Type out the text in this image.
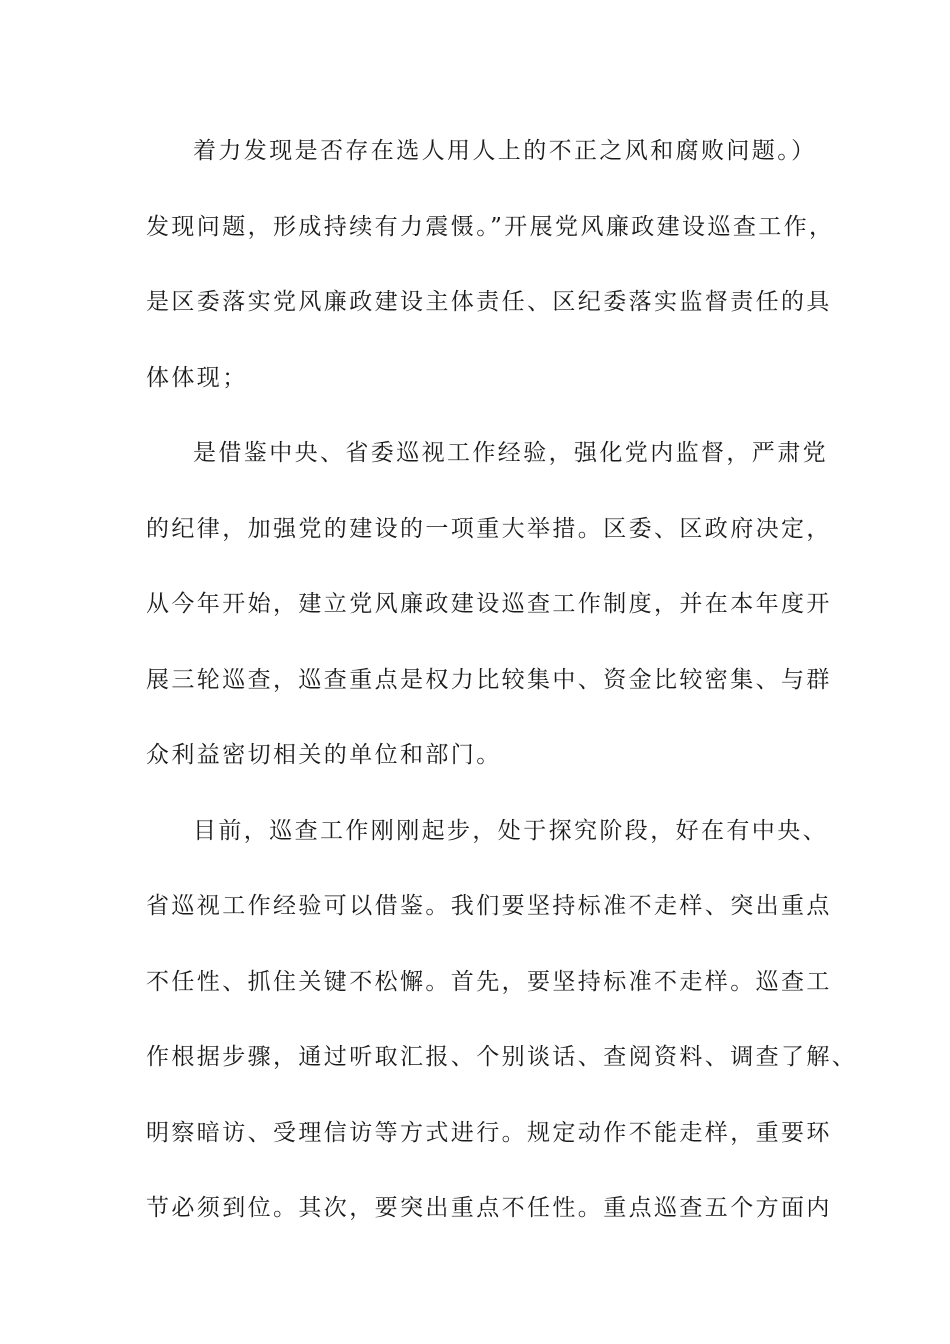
着力发现是否存在选人用人上的不正之风和腐败问题。）
发现问题，形成持续有力震慑。”开展党风廉政建设巡查工作，
是区委落实党风廉政建设主体责任、区纪委落实监督责任的具
体体现；
是借鉴中央、省委巡视工作经验，强化党内监督，严肃党
的纪律，加强党的建设的一项重大举措。区委、区政府决定，
从今年开始，建立党风廉政建设巡查工作制度，并在本年度开
展三轮巡查，巡查重点是权力比较集中、资金比较密集、与群
众利益密切相关的单位和部门。
目前，巡查工作刚刚起步，处于探究阶段，好在有中央、
省巡视工作经验可以借鉴。我们要坚持标准不走样、突出重点
不任性、抓住关键不松懈。首先，要坚持标准不走样。巡查工
作根据步骤，通过听取汇报、个别谈话、查阅资料、调查了解、
明察暗访、受理信访等方式进行。规定动作不能走样，重要环
节必须到位。其次，要突出重点不任性。重点巡查五个方面内
